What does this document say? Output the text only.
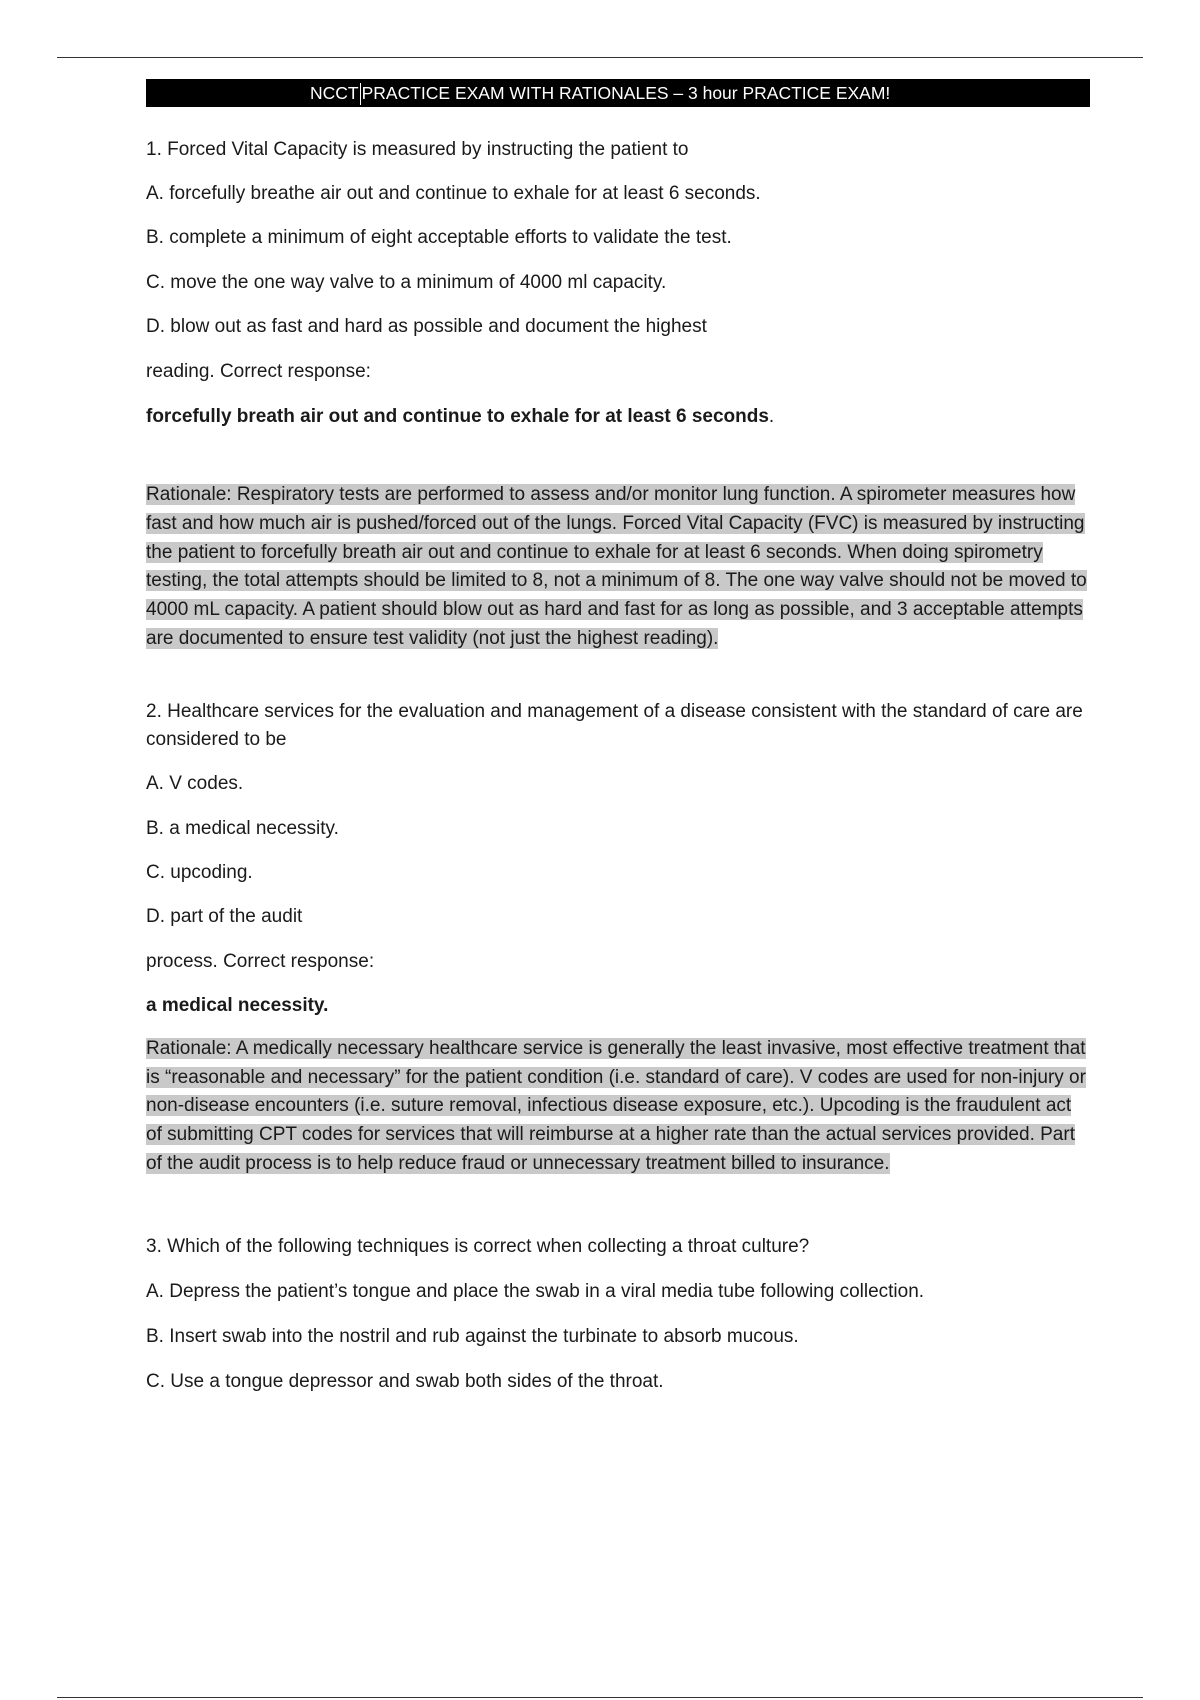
NCCT PRACTICE EXAM WITH RATIONALES – 3 hour PRACTICE EXAM!

1. Forced Vital Capacity is measured by instructing the patient to

A. forcefully breathe air out and continue to exhale for at least 6 seconds.

B. complete a minimum of eight acceptable efforts to validate the test.

C. move the one way valve to a minimum of 4000 ml capacity.

D. blow out as fast and hard as possible and document the highest

reading. Correct response:

forcefully breath air out and continue to exhale for at least 6 seconds.

Rationale: Respiratory tests are performed to assess and/or monitor lung function. A spirometer measures how fast and how much air is pushed/forced out of the lungs. Forced Vital Capacity (FVC) is measured by instructing the patient to forcefully breath air out and continue to exhale for at least 6 seconds. When doing spirometry testing, the total attempts should be limited to 8, not a minimum of 8. The one way valve should not be moved to 4000 mL capacity. A patient should blow out as hard and fast for as long as possible, and 3 acceptable attempts are documented to ensure test validity (not just the highest reading).

2. Healthcare services for the evaluation and management of a disease consistent with the standard of care are considered to be

A. V codes.

B. a medical necessity.

C. upcoding.

D. part of the audit

process. Correct response:

a medical necessity.

Rationale: A medically necessary healthcare service is generally the least invasive, most effective treatment that is “reasonable and necessary” for the patient condition (i.e. standard of care). V codes are used for non-injury or non-disease encounters (i.e. suture removal, infectious disease exposure, etc.). Upcoding is the fraudulent act of submitting CPT codes for services that will reimburse at a higher rate than the actual services provided. Part of the audit process is to help reduce fraud or unnecessary treatment billed to insurance.

3. Which of the following techniques is correct when collecting a throat culture?

A. Depress the patient’s tongue and place the swab in a viral media tube following collection.

B. Insert swab into the nostril and rub against the turbinate to absorb mucous.

C. Use a tongue depressor and swab both sides of the throat.
